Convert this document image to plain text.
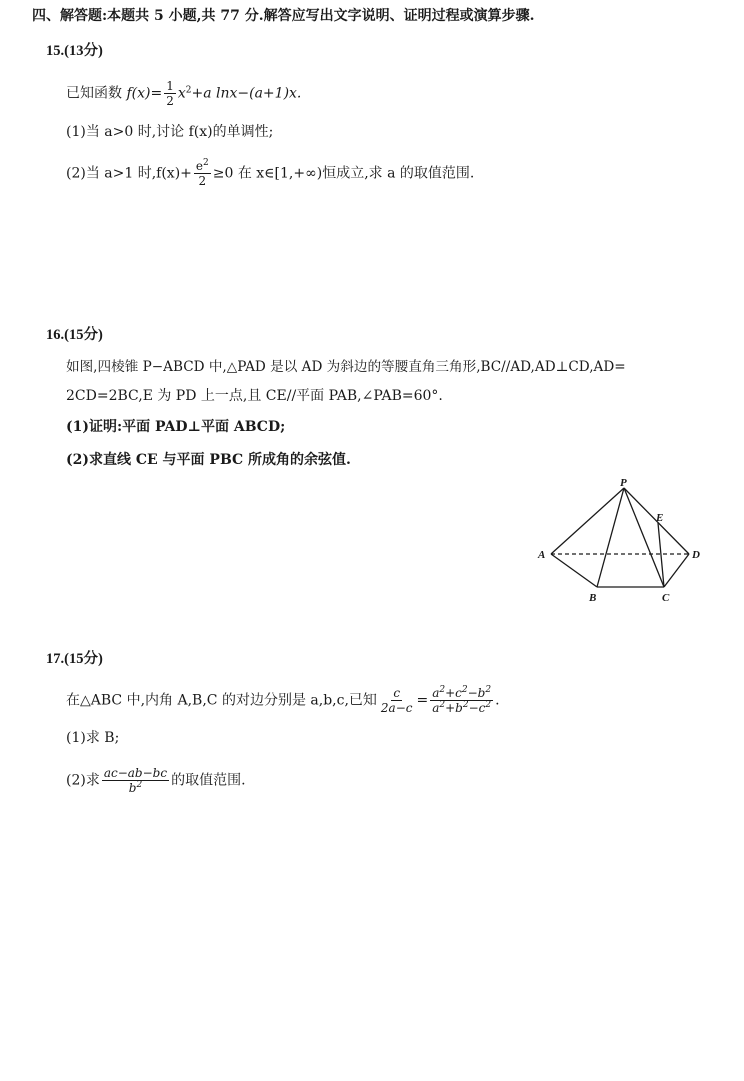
四、解答题:本题共 5 小题,共 77 分.解答应写出文字说明、证明过程或演算步骤.
15.(13分)
已知函数 $f(x)= \frac{1}{2} x^2+a$ lnx−(a+1)x.
(1)当 a>0 时,讨论 f(x)的单调性;
(2)当 a>1 时$,f(x)+ \frac{e^2}{2} \ge 0$ 在 x∈[1,+∞)恒成立,求 a 的取值范围.
16.(15分)
如图,四棱锥 P−ABCD 中,△PAD 是以 AD 为斜边的等腰直角三角形,BC//AD,AD⊥CD,AD=
2CD=2BC,E 为 PD 上一点,且 CE//平面 PAB,∠PAB=60°.
(1)证明:平面 PAD⊥平面 ABCD;
(2)求直线 CE 与平面 PBC 所成角的余弦值.
P
A
B	C
D
E
17.(15分)
在△ABC 中,内角 A,B,C 的对边分别是 a,b,c,已知 $\frac{c}{2a-c} = \frac{a^2+c^2-b^2}{a^2+b^2-c^2}$ .
(1)求 B;
(2)求 $\frac{ac-ab-bc}{b^2}$ 的取值范围.
